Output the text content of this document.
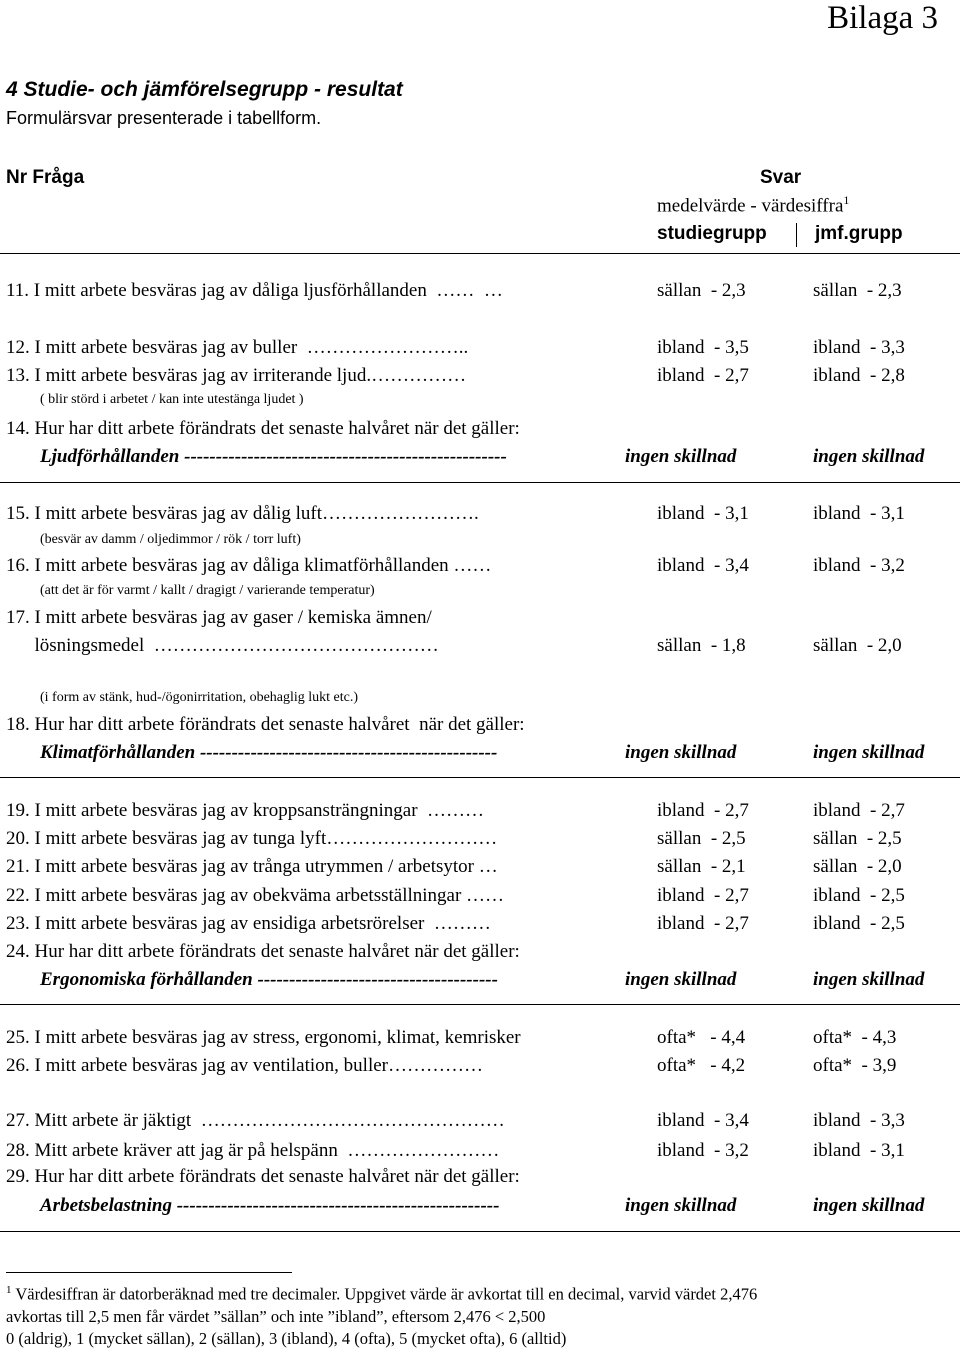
Bilaga 3
4 Studie- och jämförelsegrupp - resultat
Formulärsvar presenterade i tabellform.
Nr Fråga	Svar
medelvärde - värdesiffra$^1$
studiegrupp	jmf.grupp
11. I mitt arbete besväras jag av dåliga ljusförhållanden  ……  …	sällan  - 2,3	sällan  - 2,3
12. I mitt arbete besväras jag av buller  ……………………..	ibland  - 3,5	ibland  - 3,3
13. I mitt arbete besväras jag av irriterande ljud.……………	ibland  - 2,7	ibland  - 2,8
( blir störd i arbetet / kan inte utestänga ljudet )
14. Hur har ditt arbete förändrats det senaste halvåret när det gäller:
Ljudförhållanden ---------------------------------------------------	ingen skillnad	ingen skillnad
15. I mitt arbete besväras jag av dålig luft…………………….	ibland  - 3,1	ibland  - 3,1
(besvär av damm / oljedimmor / rök / torr luft)
16. I mitt arbete besväras jag av dåliga klimatförhållanden ……	ibland  - 3,4	ibland  - 3,2
(att det är för varmt / kallt / dragigt / varierande temperatur)
17. I mitt arbete besväras jag av gaser / kemiska ämnen/
lösningsmedel  ………………………………………	sällan  - 1,8	sällan  - 2,0
(i form av stänk, hud-/ögonirritation, obehaglig lukt etc.)
18. Hur har ditt arbete förändrats det senaste halvåret  när det gäller:
Klimatförhållanden -----------------------------------------------	ingen skillnad	ingen skillnad
19. I mitt arbete besväras jag av kroppsansträngningar  ………	ibland  - 2,7	ibland  - 2,7
20. I mitt arbete besväras jag av tunga lyft………………………	sällan  - 2,5	sällan  - 2,5
21. I mitt arbete besväras jag av trånga utrymmen / arbetsytor …	sällan  - 2,1	sällan  - 2,0
22. I mitt arbete besväras jag av obekväma arbetsställningar ……	ibland  - 2,7	ibland  - 2,5
23. I mitt arbete besväras jag av ensidiga arbetsrörelser  ………	ibland  - 2,7	ibland  - 2,5
24. Hur har ditt arbete förändrats det senaste halvåret när det gäller:
Ergonomiska förhållanden --------------------------------------	ingen skillnad	ingen skillnad
25. I mitt arbete besväras jag av stress, ergonomi, klimat, kemrisker	ofta*   - 4,4	ofta*  - 4,3
26. I mitt arbete besväras jag av ventilation, buller……………	ofta*   - 4,2	ofta*  - 3,9
27. Mitt arbete är jäktigt  …………………………………………	ibland  - 3,4	ibland  - 3,3
28. Mitt arbete kräver att jag är på helspänn  ……………………	ibland  - 3,2	ibland  - 3,1
29. Hur har ditt arbete förändrats det senaste halvåret när det gäller:
Arbetsbelastning ---------------------------------------------------	ingen skillnad	ingen skillnad
$^1$ Värdesiffran är datorberäknad med tre decimaler. Uppgivet värde är avkortat till en decimal, varvid värdet 2,476
avkortas till 2,5 men får värdet ”sällan” och inte ”ibland”, eftersom 2,476 < 2,500
0 (aldrig), 1 (mycket sällan), 2 (sällan), 3 (ibland), 4 (ofta), 5 (mycket ofta), 6 (alltid)
